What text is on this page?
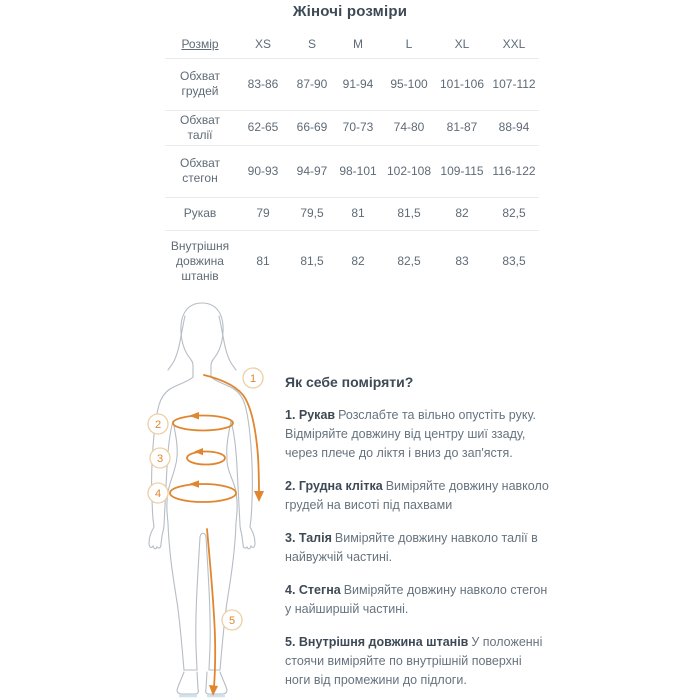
Жіночі розміри
Розмір	XS	S	M	L	XL	XXL
Обхват грудей	83-86	87-90	91-94	95-100	101-106	107-112
Обхват талії	62-65	66-69	70-73	74-80	81-87	88-94
Обхват стегон	90-93	94-97	98-101	102-108	109-115	116-122
Рукав	79	79,5	81	81,5	82	82,5
Внутрішня довжина штанів	81	81,5	82	82,5	83	83,5
1
2
3
4
5
Як себе поміряти?

1. Рукав Розслабте та вільно опустіть руку. Відміряйте довжину від центру шиї ззаду, через плече до ліктя і вниз до зап'ястя.

2. Грудна клітка Виміряйте довжину навколо грудей на висоті під пахвами

3. Талія Виміряйте довжину навколо талії в найвужчій частині.

4. Стегна Виміряйте довжину навколо стегон у найширшій частині.

5. Внутрішня довжина штанів У положенні стоячи виміряйте по внутрішній поверхні ноги від промежини до підлоги.
